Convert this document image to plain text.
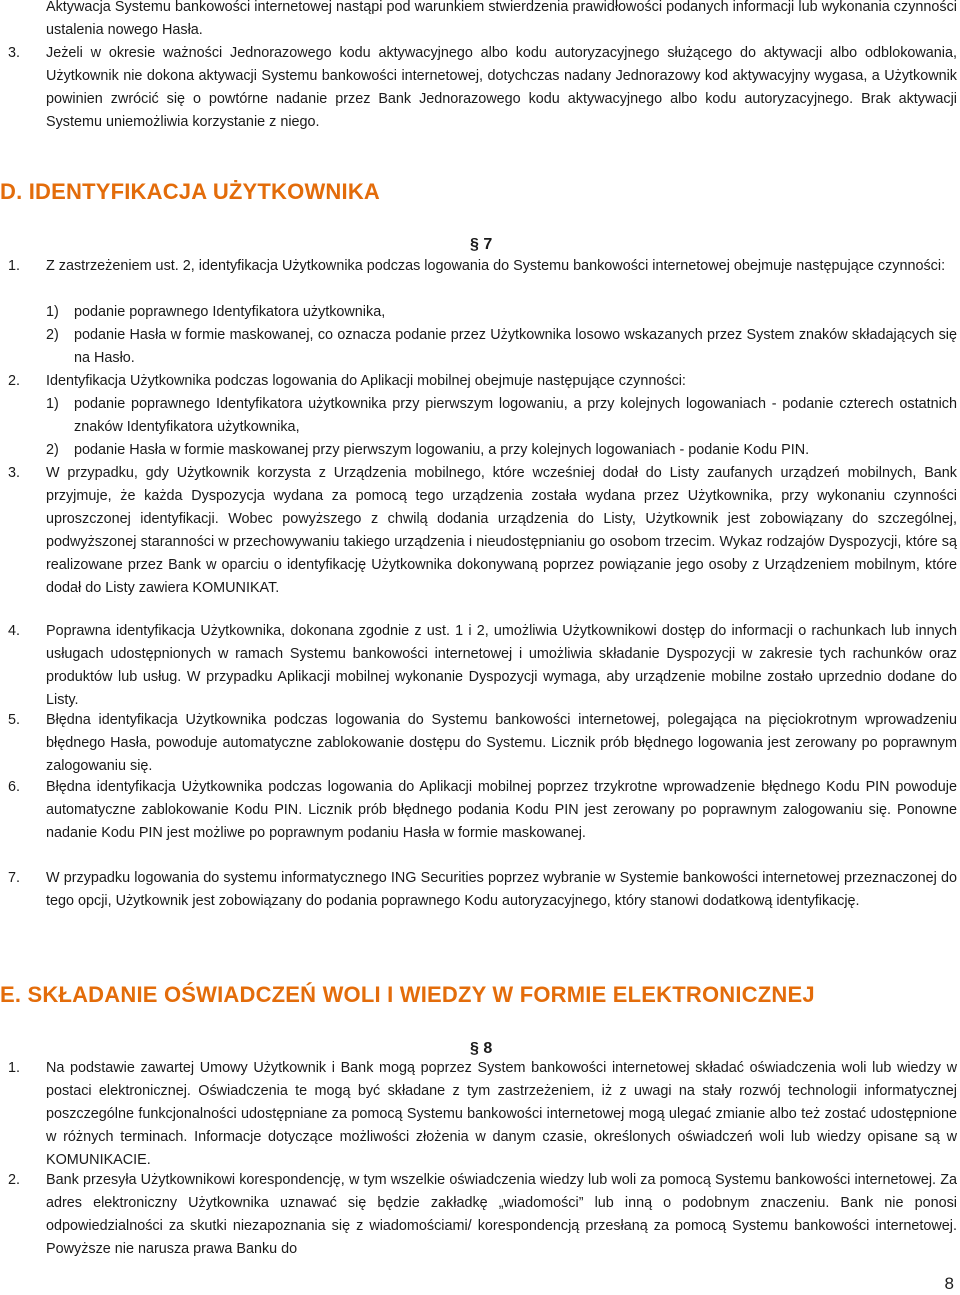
Aktywacja Systemu bankowości internetowej nastąpi pod warunkiem stwierdzenia prawidłowości podanych informacji lub wykonania czynności ustalenia nowego Hasła.

3. Jeżeli w okresie ważności Jednorazowego kodu aktywacyjnego albo kodu autoryzacyjnego służącego do aktywacji albo odblokowania, Użytkownik nie dokona aktywacji Systemu bankowości internetowej, dotychczas nadany Jednorazowy kod aktywacyjny wygasa, a Użytkownik powinien zwrócić się o powtórne nadanie przez Bank Jednorazowego kodu aktywacyjnego albo kodu autoryzacyjnego. Brak aktywacji Systemu uniemożliwia korzystanie z niego.

D. IDENTYFIKACJA UŻYTKOWNIKA
§ 7
1. Z zastrzeżeniem ust. 2, identyfikacja Użytkownika podczas logowania do Systemu bankowości internetowej obejmuje następujące czynności:

1) podanie poprawnego Identyfikatora użytkownika,

2) podanie Hasła w formie maskowanej, co oznacza podanie przez Użytkownika losowo wskazanych przez System znaków składających się na Hasło.

2. Identyfikacja Użytkownika podczas logowania do Aplikacji mobilnej obejmuje następujące czynności:

1) podanie poprawnego Identyfikatora użytkownika przy pierwszym logowaniu, a przy kolejnych logowaniach - podanie czterech ostatnich znaków Identyfikatora użytkownika,

2) podanie Hasła w formie maskowanej przy pierwszym logowaniu, a przy kolejnych logowaniach - podanie Kodu PIN.

3. W przypadku, gdy Użytkownik korzysta z Urządzenia mobilnego, które wcześniej dodał do Listy zaufanych urządzeń mobilnych, Bank przyjmuje, że każda Dyspozycja wydana za pomocą tego urządzenia została wydana przez Użytkownika, przy wykonaniu czynności uproszczonej identyfikacji. Wobec powyższego z chwilą dodania urządzenia do Listy, Użytkownik jest zobowiązany do szczególnej, podwyższonej staranności w przechowywaniu takiego urządzenia i nieudostępnianiu go osobom trzecim. Wykaz rodzajów Dyspozycji, które są realizowane przez Bank w oparciu o identyfikację Użytkownika dokonywaną poprzez powiązanie jego osoby z Urządzeniem mobilnym, które dodał do Listy zawiera KOMUNIKAT.

4. Poprawna identyfikacja Użytkownika, dokonana zgodnie z ust. 1 i 2, umożliwia Użytkownikowi dostęp do informacji o rachunkach lub innych usługach udostępnionych w ramach Systemu bankowości internetowej i umożliwia składanie Dyspozycji w zakresie tych rachunków oraz produktów lub usług. W przypadku Aplikacji mobilnej wykonanie Dyspozycji wymaga, aby urządzenie mobilne zostało uprzednio dodane do Listy.

5. Błędna identyfikacja Użytkownika podczas logowania do Systemu bankowości internetowej, polegająca na pięciokrotnym wprowadzeniu błędnego Hasła, powoduje automatyczne zablokowanie dostępu do Systemu. Licznik prób błędnego logowania jest zerowany po poprawnym zalogowaniu się.

6. Błędna identyfikacja Użytkownika podczas logowania do Aplikacji mobilnej poprzez trzykrotne wprowadzenie błędnego Kodu PIN powoduje automatyczne zablokowanie Kodu PIN. Licznik prób błędnego podania Kodu PIN jest zerowany po poprawnym zalogowaniu się. Ponowne nadanie Kodu PIN jest możliwe po poprawnym podaniu Hasła w formie maskowanej.

7. W przypadku logowania do systemu informatycznego ING Securities poprzez wybranie w Systemie bankowości internetowej przeznaczonej do tego opcji, Użytkownik jest zobowiązany do podania poprawnego Kodu autoryzacyjnego, który stanowi dodatkową identyfikację.

E. SKŁADANIE OŚWIADCZEŃ WOLI I WIEDZY W FORMIE ELEKTRONICZNEJ
§ 8
1. Na podstawie zawartej Umowy Użytkownik i Bank mogą poprzez System bankowości internetowej składać oświadczenia woli lub wiedzy w postaci elektronicznej. Oświadczenia te mogą być składane z tym zastrzeżeniem, iż z uwagi na stały rozwój technologii informatycznej poszczególne funkcjonalności udostępniane za pomocą Systemu bankowości internetowej mogą ulegać zmianie albo też zostać udostępnione w różnych terminach. Informacje dotyczące możliwości złożenia w danym czasie, określonych oświadczeń woli lub wiedzy opisane są w KOMUNIKACIE.

2. Bank przesyła Użytkownikowi korespondencję, w tym wszelkie oświadczenia wiedzy lub woli za pomocą Systemu bankowości internetowej. Za adres elektroniczny Użytkownika uznawać się będzie zakładkę „wiadomości” lub inną o podobnym znaczeniu. Bank nie ponosi odpowiedzialności za skutki niezapoznania się z wiadomościami/ korespondencją przesłaną za pomocą Systemu bankowości internetowej. Powyższe nie narusza prawa Banku do

8
